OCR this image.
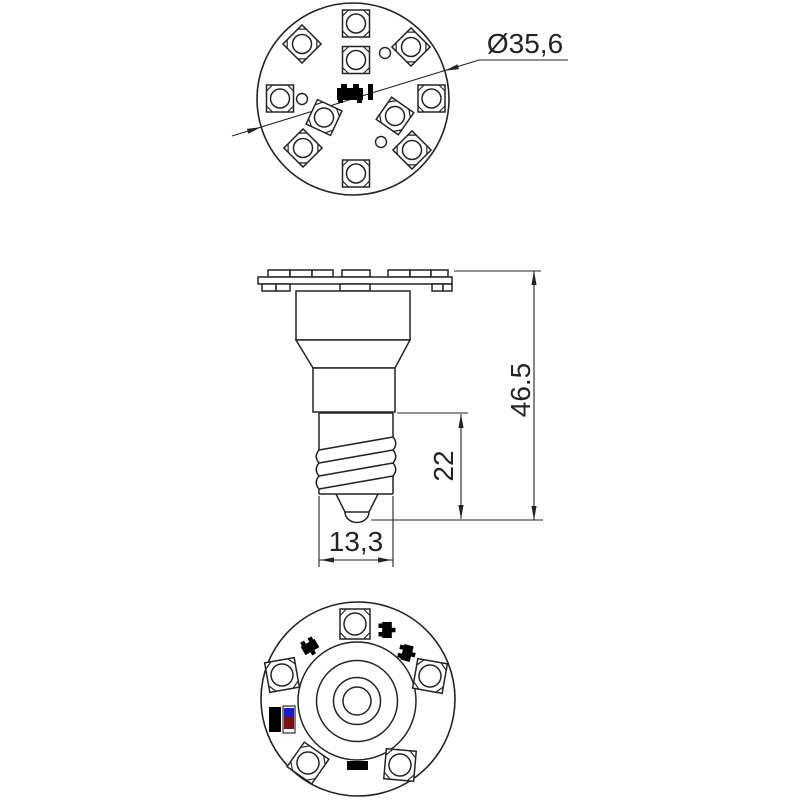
Ø35,6
46.5
22
13,3
